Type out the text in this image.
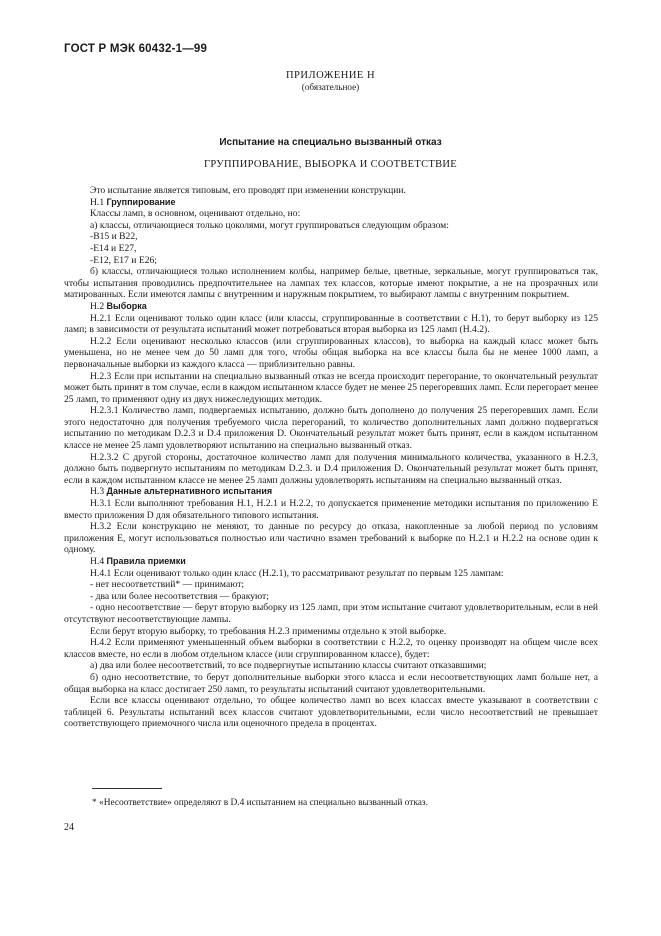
ГОСТ Р МЭК 60432-1—99
ПРИЛОЖЕНИЕ Н
(обязательное)
Испытание на специально вызванный отказ
ГРУППИРОВАНИЕ, ВЫБОРКА И СООТВЕТСТВИЕ

Это испытание является типовым, его проводят при изменении конструкции.

Н.1 Группирование

Классы ламп, в основном, оценивают отдельно, но:

а) классы, отличающиеся только цоколями, могут группироваться следующим образом:

-B15 и B22,

-E14 и E27,

-E12, E17 и E26;

б) классы, отличающиеся только исполнением колбы, например белые, цветные, зеркальные, могут группироваться так, чтобы испытания проводились предпочтительнее на лампах тех классов, которые имеют покрытие, а не на прозрачных или матированных. Если имеются лампы с внутренним и наружным покрытием, то выбирают лампы с внутренним покрытием.

Н.2 Выборка

Н.2.1 Если оценивают только один класс (или классы, сгруппированные в соответствии с Н.1), то берут выборку из 125 ламп; в зависимости от результата испытаний может потребоваться вторая выборка из 125 ламп (Н.4.2).

Н.2.2 Если оценивают несколько классов (или сгруппированных классов), то выборка на каждый класс может быть уменьшена, но не менее чем до 50 ламп для того, чтобы общая выборка на все классы была бы не менее 1000 ламп, а первоначальные выборки из каждого класса — приблизительно равны.

Н.2.3 Если при испытании на специально вызванный отказ не всегда происходит перегорание, то окончательный результат может быть принят в том случае, если в каждом испытанном классе будет не менее 25 перегоревших ламп. Если перегорает менее 25 ламп, то применяют одну из двух нижеследующих методик.

Н.2.3.1 Количество ламп, подвергаемых испытанию, должно быть дополнено до получения 25 перегоревших ламп. Если этого недостаточно для получения требуемого числа перегораний, то количество дополнительных ламп должно подвергаться испытанию по методикам D.2.3 и D.4 приложения D. Окончательный результат может быть принят, если в каждом испытанном классе не менее 25 ламп удовлетворяют испытанию на специально вызванный отказ.

Н.2.3.2 С другой стороны, достаточное количество ламп для получения минимального количества, указанного в Н.2.3, должно быть подвергнуто испытаниям по методикам D.2.3. и D.4 приложения D. Окончательный результат может быть принят, если в каждом испытанном классе не менее 25 ламп должны удовлетворять испытаниям на специально вызванный отказ.

Н.3 Данные альтернативного испытания

Н.3.1 Если выполняют требования Н.1, Н.2.1 и Н.2.2, то допускается применение методики испытания по приложению Е вместо приложения D для обязательного типового испытания.

Н.3.2 Если конструкцию не меняют, то данные по ресурсу до отказа, накопленные за любой период по условиям приложения Е, могут использоваться полностью или частично взамен требований к выборке по Н.2.1 и Н.2.2 на основе один к одному.

Н.4 Правила приемки

Н.4.1 Если оценивают только один класс (Н.2.1), то рассматривают результат по первым 125 лампам:

- нет несоответствий* — принимают;

- два или более несоответствия — бракуют;

- одно несоответствие — берут вторую выборку из 125 ламп, при этом испытание считают удовлетворительным, если в ней отсутствуют несоответствующие лампы.

Если берут вторую выборку, то требования Н.2.3 применимы отдельно к этой выборке.

Н.4.2 Если применяют уменьшенный объем выборки в соответствии с Н.2.2, то оценку производят на общем числе всех классов вместе, но если в любом отдельном классе (или сгруппированном классе), будет:

а) два или более несоответствий, то все подвергнутые испытанию классы считают отказавшими;

б) одно несоответствие, то берут дополнительные выборки этого класса и если несоответствующих ламп больше нет, а общая выборка на класс достигает 250 ламп, то результаты испытаний считают удовлетворительными.

Если все классы оценивают отдельно, то общее количество ламп во всех классах вместе указывают в соответствии с таблицей 6. Результаты испытаний всех классов считают удовлетворительными, если число несоответствий не превышает соответствующего приемочного числа или оценочного предела в процентах.

* «Несоответствие» определяют в D.4 испытанием на специально вызванный отказ.
24
